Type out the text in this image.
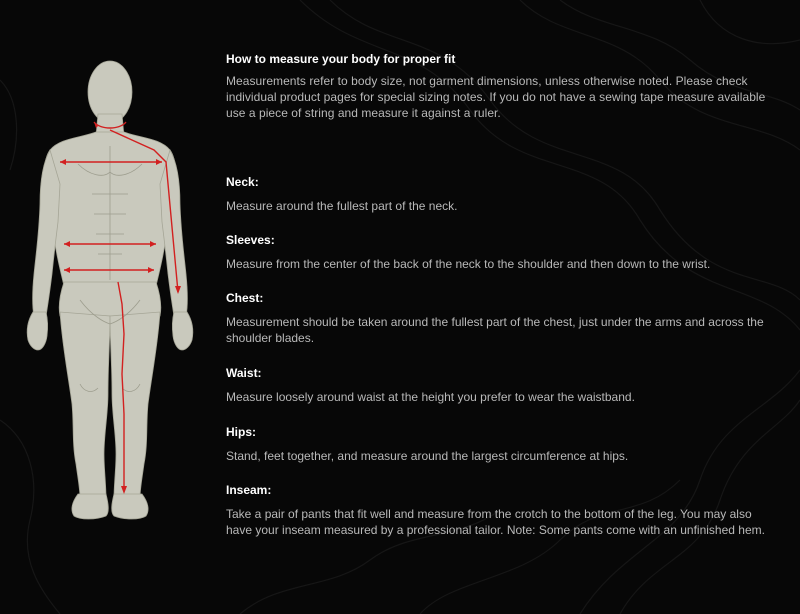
How to measure your body for proper fit

Measurements refer to body size, not garment dimensions, unless otherwise noted. Please check individual product pages for special sizing notes. If you do not have a sewing tape measure available use a piece of string and measure it against a ruler.

Neck:

Measure around the fullest part of the neck.

Sleeves:

Measure from the center of the back of the neck to the shoulder and then down to the wrist.

Chest:

Measurement should be taken around the fullest part of the chest, just under the arms and across the shoulder blades.

Waist:

Measure loosely around waist at the height you prefer to wear the waistband.

Hips:

Stand, feet together, and measure around the largest circumference at hips.

Inseam:

Take a pair of pants that fit well and measure from the crotch to the bottom of the leg. You may also have your inseam measured by a professional tailor. Note: Some pants come with an unfinished hem.
